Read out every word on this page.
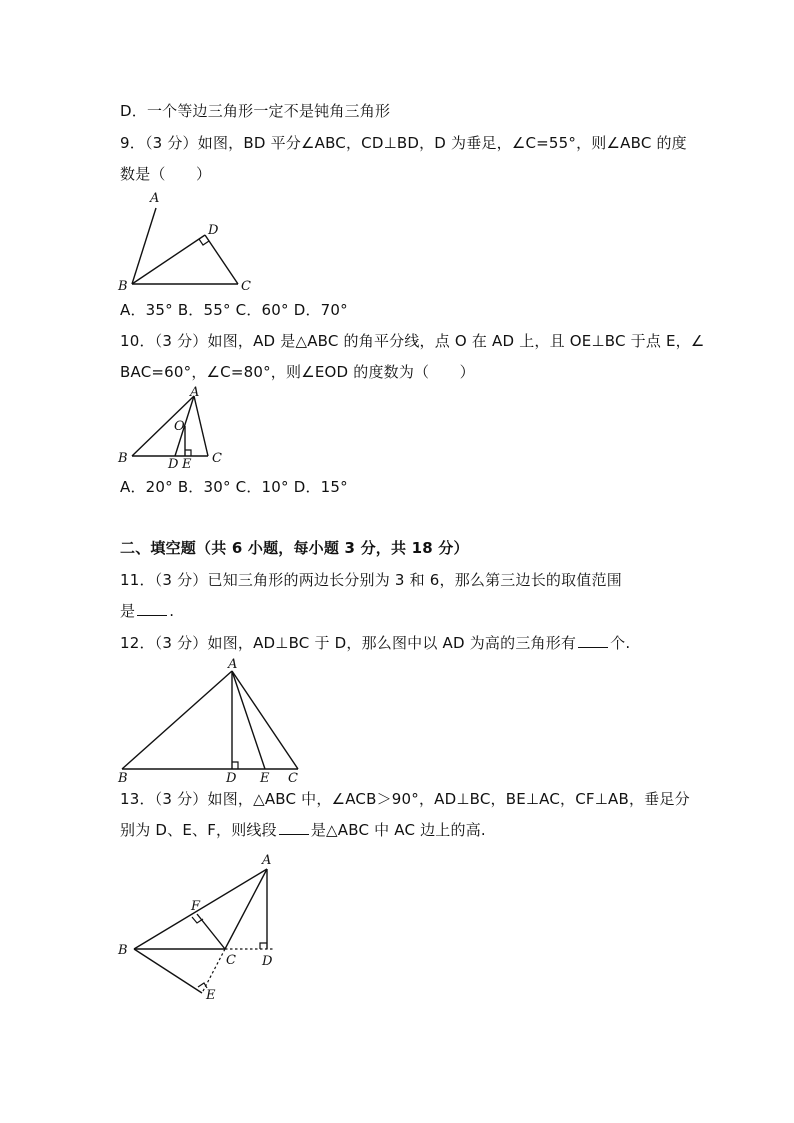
D．一个等边三角形一定不是钝角三角形
9．（3 分）如图，BD 平分∠ABC，CD⊥BD，D 为垂足，∠C=55°，则∠ABC 的度
数是（　　）
A
D
B	C
A．35° B．55° C．60° D．70°
10．（3 分）如图，AD 是△ABC 的角平分线，点 O 在 AD 上，且 OE⊥BC 于点 E，∠
BAC=60°，∠C=80°，则∠EOD 的度数为（　　）
A
O
B	D E C
A．20° B．30° C．10° D．15°
二、填空题（共 6 小题，每小题 3 分，共 18 分）
11．（3 分）已知三角形的两边长分别为 3 和 6，那么第三边长的取值范围
是 .
12．（3 分）如图，AD⊥BC 于 D，那么图中以 AD 为高的三角形有 个.
A
B	D E C
13．（3 分）如图，△ABC 中，∠ACB＞90°，AD⊥BC，BE⊥AC，CF⊥AB，垂足分
别为 D、E、F，则线段 是△ABC 中 AC 边上的高.
A
F
B
C D
E
